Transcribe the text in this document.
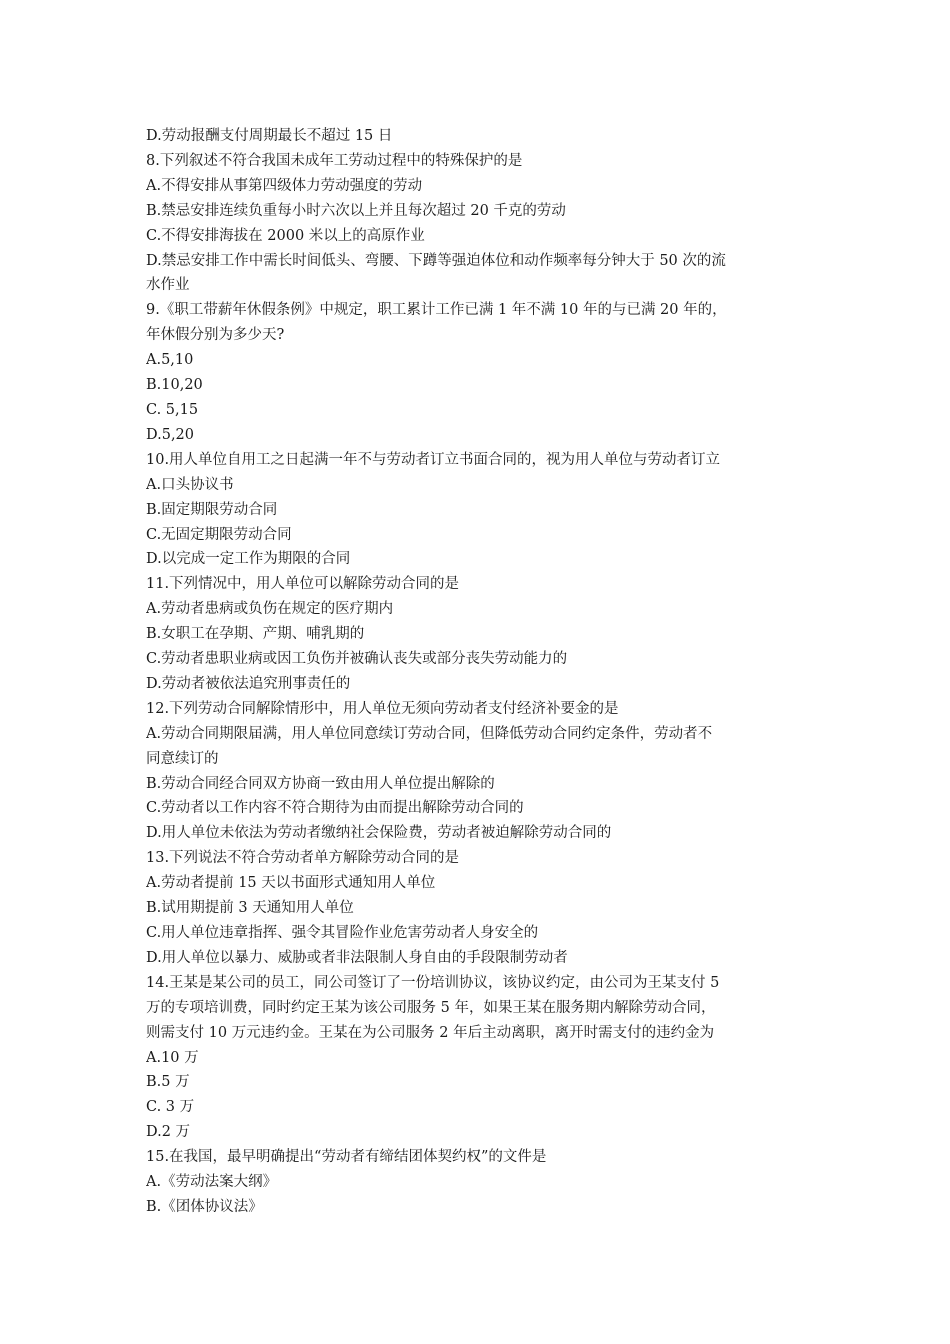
D.劳动报酬支付周期最长不超过 15 日
8.下列叙述不符合我国未成年工劳动过程中的特殊保护的是
A.不得安排从事第四级体力劳动强度的劳动
B.禁忌安排连续负重每小时六次以上并且每次超过 20 千克的劳动
C.不得安排海拔在 2000 米以上的高原作业
D.禁忌安排工作中需长时间低头、弯腰、下蹲等强迫体位和动作频率每分钟大于 50 次的流
水作业
9.《职工带薪年休假条例》中规定，职工累计工作已满 1 年不满 10 年的与已满 20 年的，
年休假分别为多少天?
A.5,10
B.10,20
C. 5,15
D.5,20
10.用人单位自用工之日起满一年不与劳动者订立书面合同的，视为用人单位与劳动者订立
A.口头协议书
B.固定期限劳动合同
C.无固定期限劳动合同
D.以完成一定工作为期限的合同
11.下列情况中，用人单位可以解除劳动合同的是
A.劳动者患病或负伤在规定的医疗期内
B.女职工在孕期、产期、哺乳期的
C.劳动者患职业病或因工负伤并被确认丧失或部分丧失劳动能力的
D.劳动者被依法追究刑事责任的
12.下列劳动合同解除情形中，用人单位无须向劳动者支付经济补要金的是
A.劳动合同期限届满，用人单位同意续订劳动合同，但降低劳动合同约定条件，劳动者不
同意续订的
B.劳动合同经合同双方协商一致由用人单位提出解除的
C.劳动者以工作内容不符合期待为由而提出解除劳动合同的
D.用人单位未依法为劳动者缴纳社会保险费，劳动者被迫解除劳动合同的
13.下列说法不符合劳动者单方解除劳动合同的是
A.劳动者提前 15 天以书面形式通知用人单位
B.试用期提前 3 天通知用人单位
C.用人单位违章指挥、强令其冒险作业危害劳动者人身安全的
D.用人单位以暴力、威胁或者非法限制人身自由的手段限制劳动者
14.王某是某公司的员工，同公司签订了一份培训协议，该协议约定，由公司为王某支付 5
万的专项培训费，同时约定王某为该公司服务 5 年，如果王某在服务期内解除劳动合同，
则需支付 10 万元违约金。王某在为公司服务 2 年后主动离职，离开时需支付的违约金为
A.10 万
B.5 万
C. 3 万
D.2 万
15.在我国，最早明确提出“劳动者有缔结团体契约权”的文件是
A.《劳动法案大纲》
B.《团体协议法》
